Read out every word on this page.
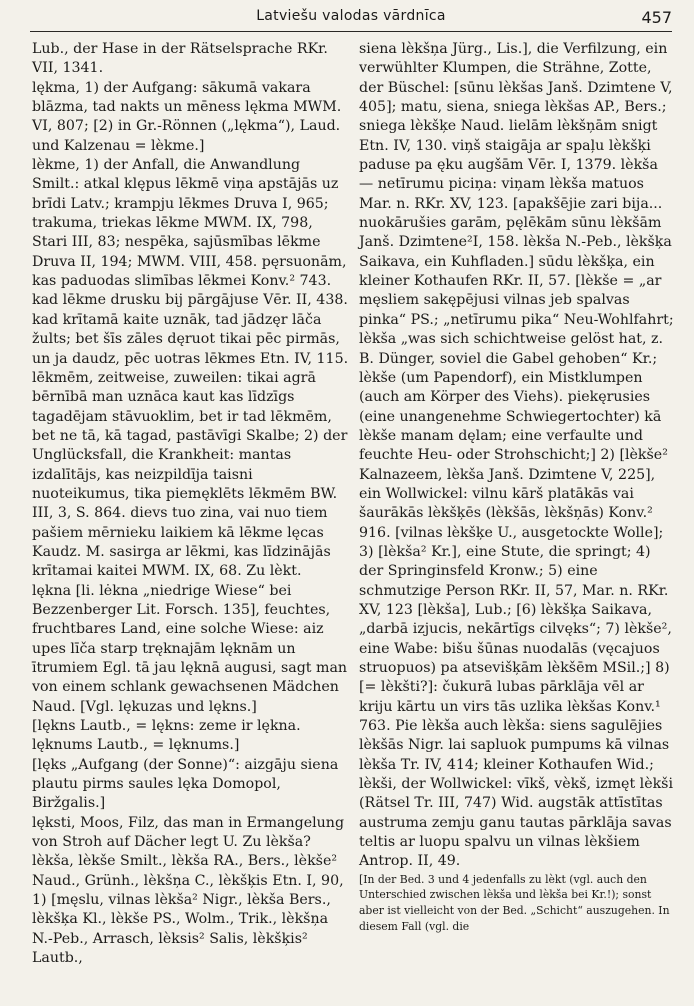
Latviešu valodas vārdnīca	457

Lub., der Hase in der Rätselsprache RKr. VII, 1341.

lękma, 1) der Aufgang: sākumā vakara blāzma, tad nakts un mēness lękma MWM. VI, 807; [2) in Gr.-Rönnen („lękma“), Laud. und Kalzenau = lèkme.]

lèkme, 1) der Anfall, die Anwandlung Smilt.: atkal klępus lēkmē viņa apstājās uz brīdi Latv.; krampju lēkmes Druva I, 965; trakuma, triekas lēkme MWM. IX, 798, Stari III, 83; nespēka, sajūsmības lēkme Druva II, 194; MWM. VIII, 458. pęrsuonām, kas paduodas slimības lēkmei Konv.² 743. kad lēkme drusku bij pārgājuse Vēr. II, 438. kad krītamā kaite uznāk, tad jādzęr lāča žults; bet šīs zāles dęruot tikai pēc pirmās, un ja daudz, pēc uotras lēkmes Etn. IV, 115. lēkmēm, zeitweise, zuweilen: tikai agrā bērnībā man uznāca kaut kas līdzīgs tagadējam stāvuoklim, bet ir tad lēkmēm, bet ne tā, kā tagad, pastāvīgi Skalbe; 2) der Unglücksfall, die Krankheit: mantas izdalītājs, kas neizpildīja taisni nuoteikumus, tika piemęklēts lēkmēm BW. III, 3, S. 864. dievs tuo zina, vai nuo tiem pašiem mērnieku laikiem kā lēkme lęcas Kaudz. M. sasirga ar lēkmi, kas līdzinājās krītamai kaitei MWM. IX, 68. Zu lèkt.

lękna [li. lėkna „niedrige Wiese“ bei Bezzenberger Lit. Forsch. 135], feuchtes, fruchtbares Land, eine solche Wiese: aiz upes līča starp tręknajām lęknām un ītrumiem Egl. tā jau lęknā augusi, sagt man von einem schlank gewachsenen Mädchen Naud. [Vgl. lękuzas und lękns.]

[lękns Lautb., = lękns: zeme ir lękna. lęknums Lautb., = lęknums.]

[lęks „Aufgang (der Sonne)“: aizgāju siena plautu pirms saules lęka Domopol, Biržgalis.]

lęksti, Moos, Filz, das man in Ermangelung von Stroh auf Dächer legt U. Zu lèkša?

lèkša, lèkše Smilt., lèkša RA., Bers., lèkše² Naud., Grünh., lèkšņa C., lèkšķis Etn. I, 90, 1) [męslu, vilnas lèkša² Nigr., lèkša Bers., lèkšķa Kl., lèkše PS., Wolm., Trik., lèkšņa N.-Peb., Arrasch, lèksis² Salis, lèkšķis² Lautb.,

siena lèkšņa Jürg., Lis.], die Verfilzung, ein verwühlter Klumpen, die Strähne, Zotte, der Büschel: [sūnu lèkšas Janš. Dzimtene V, 405]; matu, siena, sniega lèkšas AP., Bers.; sniega lèkšķe Naud. lielām lèkšņām snigt Etn. IV, 130. viņš staigāja ar spaļu lèkšķi paduse pa ęku augšām Vēr. I, 1379. lèkša — netīrumu piciņa: viņam lèkša matuos Mar. n. RKr. XV, 123. [apakšējie zari bija... nuokārušies garām, pęlēkām sūnu lèkšām Janš. Dzimtene²I, 158. lèkša N.-Peb., lèkšķa Saikava, ein Kuhfladen.] sūdu lèkšķa, ein kleiner Kothaufen RKr. II, 57. [lèkše = „ar męsliem sakępējusi vilnas jeb spalvas pinka“ PS.; „netīrumu pika“ Neu-Wohlfahrt; lèkša „was sich schichtweise gelöst hat, z. B. Dünger, soviel die Gabel gehoben“ Kr.; lèkše (um Papendorf), ein Mistklumpen (auch am Körper des Viehs). piekęrusies (eine unangenehme Schwiegertochter) kā lèkše manam dęlam; eine verfaulte und feuchte Heu- oder Strohschicht;] 2) [lèkše² Kalnazeem, lèkša Janš. Dzimtene V, 225], ein Wollwickel: vilnu kārš platākās vai šaurākās lèkšķēs (lèkšās, lèkšņās) Konv.² 916. [vilnas lèkšķe U., ausgetockte Wolle]; 3) [lèkša² Kr.], eine Stute, die springt; 4) der Springinsfeld Kronw.; 5) eine schmutzige Person RKr. II, 57, Mar. n. RKr. XV, 123 [lèkša], Lub.; [6) lèkšķa Saikava, „darbā izjucis, nekārtīgs cilvęks“; 7) lèkše², eine Wabe: bišu šūnas nuodalās (vęcajuos struopuos) pa atsevišķām lèkšēm MSil.;] 8) [= lèkšti?]: čukurā lubas pārklāja vēl ar kriju kārtu un virs tās uzlika lèkšas Konv.¹ 763. Pie lèkša auch lèkša: siens sagulējies lèkšās Nigr. lai sapluok pumpums kā vilnas lèkša Tr. IV, 414; kleiner Kothaufen Wid.; lèkši, der Wollwickel: vīkš, vèkš, izmęt lèkši (Rätsel Tr. III, 747) Wid. augstāk attīstītas austruma zemju ganu tautas pārklāja savas teltis ar luopu spalvu un vilnas lèkšiem Antrop. II, 49.

[In der Bed. 3 und 4 jedenfalls zu lèkt (vgl. auch den Unterschied zwischen lèkša und lèkša bei Kr.!); sonst aber ist vielleicht von der Bed. „Schicht“ auszugehen. In diesem Fall (vgl. die
